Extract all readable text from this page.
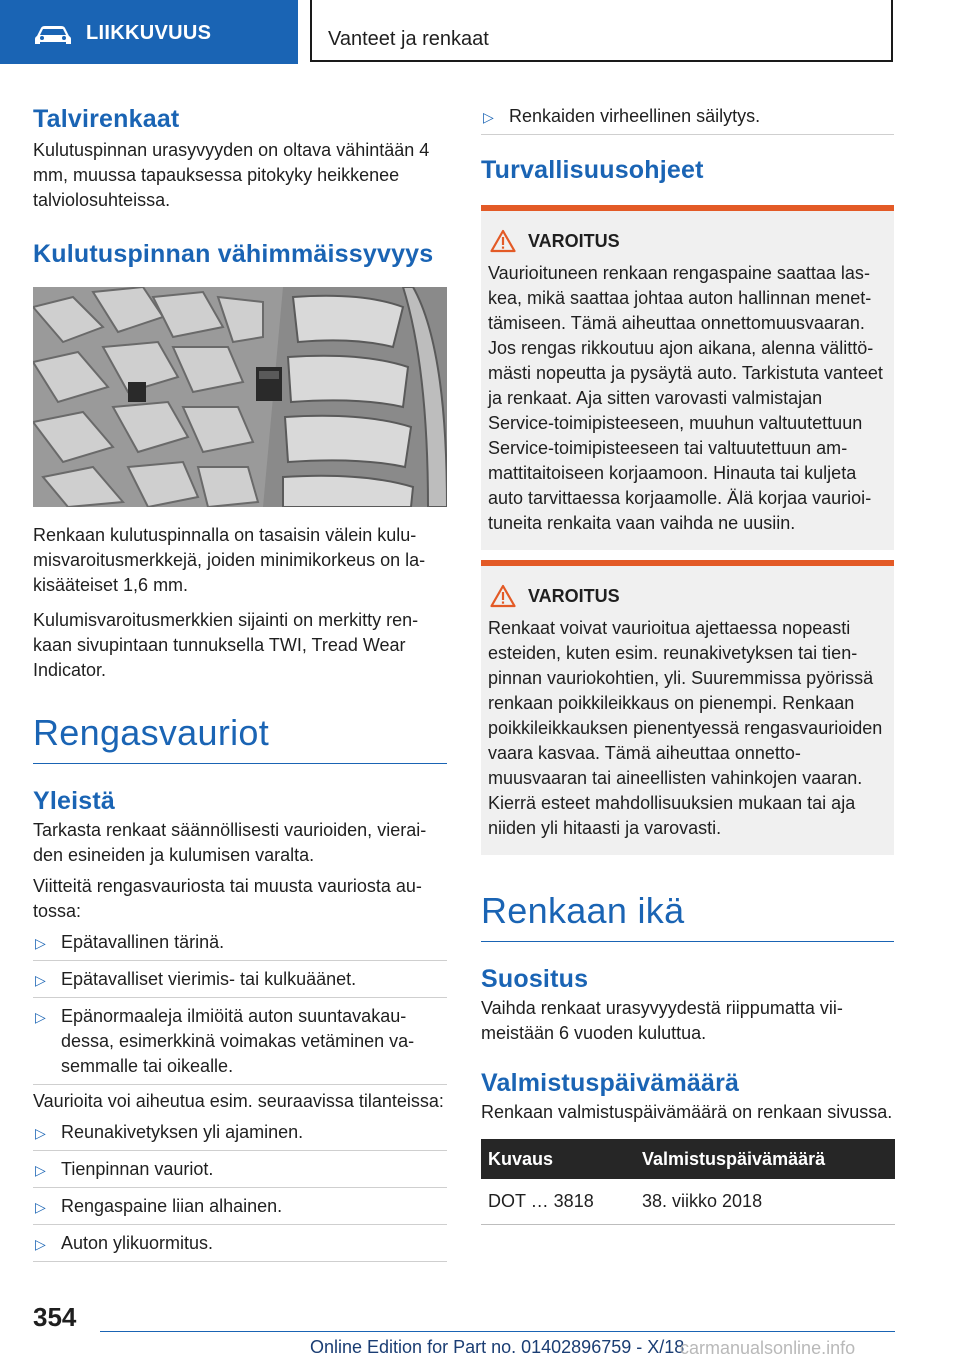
LIIKKUVUUS	Vanteet ja renkaat
Talvirenkaat

Kulutuspinnan urasyvyyden on oltava vähintään 4 mm, muussa tapauksessa pitokyky heikkenee talviolosuhteissa.

Kulutuspinnan vähimmäissyvyys

Renkaan kulutuspinnalla on tasaisin välein kulumisvaroitusmerkkejä, joiden minimikorkeus on lakisääteiset 1,6 mm.

Kulumisvaroitusmerkkien sijainti on merkitty renkaan sivupintaan tunnuksella TWI, Tread Wear Indicator.

Rengasvauriot
Yleistä

Tarkasta renkaat säännöllisesti vaurioiden, vieraiden esineiden ja kulumisen varalta.

Viitteitä rengasvauriosta tai muusta vauriosta autossa:

▷ Epätavallinen tärinä.
▷ Epätavalliset vierimis- tai kulkuäänet.
▷ Epänormaaleja ilmiöitä auton suuntavakaudessa, esimerkkinä voimakas vetäminen vasemmalle tai oikealle.

Vaurioita voi aiheutua esim. seuraavissa tilanteissa:

▷ Reunakivetyksen yli ajaminen.
▷ Tienpinnan vauriot.
▷ Rengaspaine liian alhainen.
▷ Auton ylikuormitus.
▷ Renkaiden virheellinen säilytys.
Turvallisuusohjeet
VAROITUS

Vaurioituneen renkaan rengaspaine saattaa laskea, mikä saattaa johtaa auton hallinnan menettämiseen. Tämä aiheuttaa onnettomuusvaaran. Jos rengas rikkoutuu ajon aikana, alenna välittömästi nopeutta ja pysäytä auto. Tarkistuta vanteet ja renkaat. Aja sitten varovasti valmistajan Service-toimipisteeseen, muuhun valtuutettuun Service-toimipisteeseen tai valtuutettuun ammattitaitoiseen korjaamoon. Hinauta tai kuljeta auto tarvittaessa korjaamolle. Älä korjaa vaurioituneita renkaita vaan vaihda ne uusiin.

VAROITUS

Renkaat voivat vaurioitua ajettaessa nopeasti esteiden, kuten esim. reunakivetyksen tai tienpinnan vauriokohtien, yli. Suuremmissa pyörissä renkaan poikkileikkaus on pienempi. Renkaan poikkileikkauksen pienentyessä rengasvaurioiden vaara kasvaa. Tämä aiheuttaa onnettomuusvaaran tai aineellisten vahinkojen vaaran. Kierrä esteet mahdollisuuksien mukaan tai aja niiden yli hitaasti ja varovasti.

Renkaan ikä
Suositus

Vaihda renkaat urasyvyydestä riippumatta viimeistään 6 vuoden kuluttua.

Valmistuspäivämäärä

Renkaan valmistuspäivämäärä on renkaan sivussa.

Kuvaus	Valmistuspäivämäärä
DOT … 3818	38. viikko 2018
354
Online Edition for Part no. 01402896759 - X/18
carmanualsonline.info
